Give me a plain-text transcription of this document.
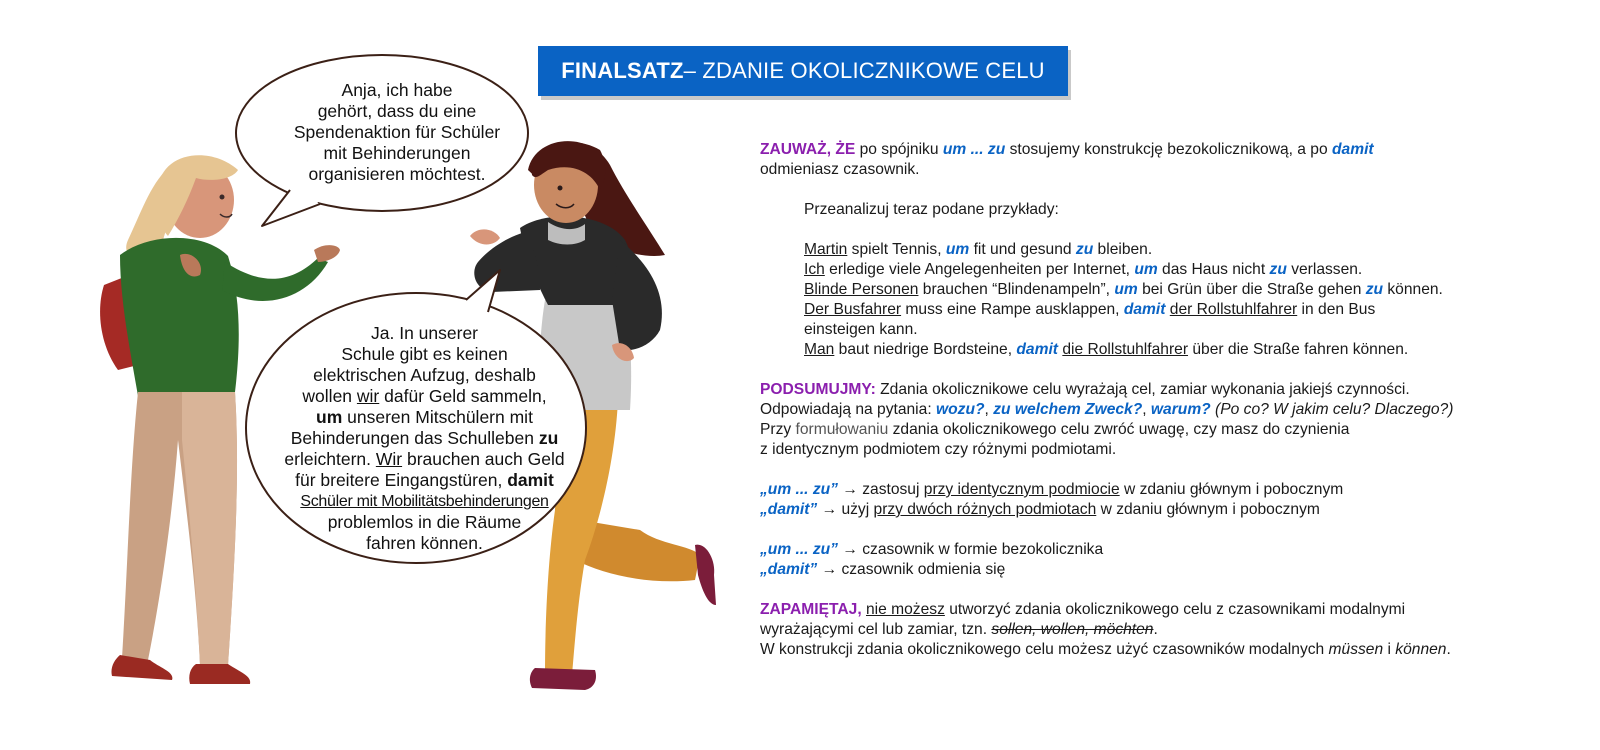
FINALSATZ – ZDANIE OKOLICZNIKOWE CELU
Anja, ich habe
gehört, dass du eine
Spendenaktion für Schüler
mit Behinderungen
organisieren möchtest.
Ja. In unserer
Schule gibt es keinen
elektrischen Aufzug, deshalb
wollen wir dafür Geld sammeln,
um unseren Mitschülern mit
Behinderungen das Schulleben zu
erleichtern. Wir brauchen auch Geld
für breitere Eingangstüren, damit
Schüler mit Mobilitätsbehinderungen
problemlos in die Räume
fahren können.

ZAUWAŻ, ŻE po spójniku um ... zu stosujemy konstrukcję bezokolicznikową, a po damit

odmieniasz czasownik.

Przeanalizuj teraz podane przykłady:

Martin spielt Tennis, um fit und gesund zu bleiben.

Ich erledige viele Angelegenheiten per Internet, um das Haus nicht zu verlassen.

Blinde Personen brauchen “Blindenampeln”, um bei Grün über die Straße gehen zu können.

Der Busfahrer muss eine Rampe ausklappen, damit der Rollstuhlfahrer in den Bus

einsteigen kann.

Man baut niedrige Bordsteine, damit die Rollstuhlfahrer über die Straße fahren können.

PODSUMUJMY: Zdania okolicznikowe celu wyrażają cel, zamiar wykonania jakiejś czynności.

Odpowiadają na pytania: wozu?, zu welchem Zweck?, warum? (Po co? W jakim celu? Dlaczego?)

Przy formułowaniu zdania okolicznikowego celu zwróć uwagę, czy masz do czynienia

z identycznym podmiotem czy różnymi podmiotami.

„um ... zu” → zastosuj przy identycznym podmiocie w zdaniu głównym i pobocznym

„damit” → użyj przy dwóch różnych podmiotach w zdaniu głównym i pobocznym

„um ... zu” → czasownik w formie bezokolicznika

„damit” → czasownik odmienia się

ZAPAMIĘTAJ, nie możesz utworzyć zdania okolicznikowego celu z czasownikami modalnymi

wyrażającymi cel lub zamiar, tzn. sollen, wollen, möchten.

W konstrukcji zdania okolicznikowego celu możesz użyć czasowników modalnych müssen i können.
